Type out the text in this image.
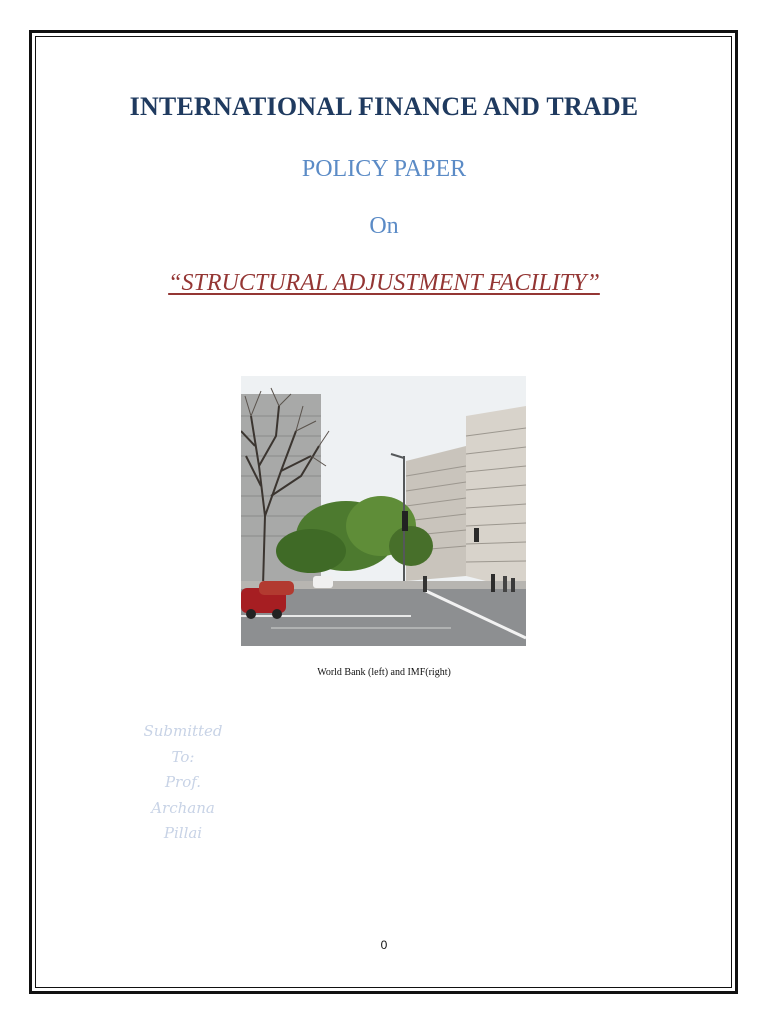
INTERNATIONAL FINANCE AND TRADE
POLICY PAPER
On
“STRUCTURAL ADJUSTMENT FACILITY”
World Bank (left) and IMF(right)
Submitted
To:
Prof.
Archana
Pillai
0
